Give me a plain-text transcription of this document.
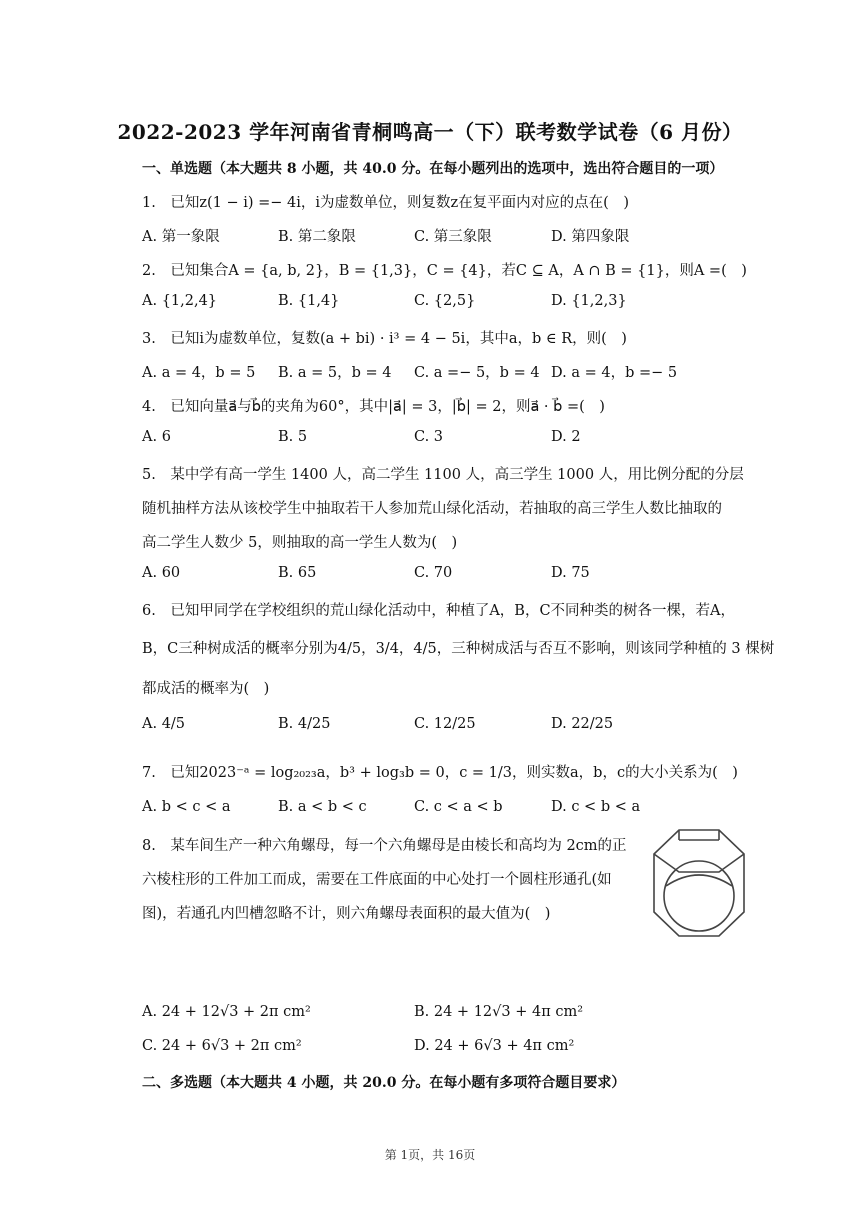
2022-2023 学年河南省青桐鸣高一（下）联考数学试卷（6 月份）
一、单选题（本大题共 8 小题，共 40.0 分。在每小题列出的选项中，选出符合题目的一项）
1.　已知z(1 − i) =− 4i，i为虚数单位，则复数z在复平面内对应的点在(　)
A. 第一象限	B. 第二象限	C. 第三象限	D. 第四象限
2.　已知集合A = {a, b, 2}，B = {1,3}，C = {4}，若C ⊆ A，A ∩ B = {1}，则A =(　)
A. {1,2,4}	B. {1,4}	C. {2,5}	D. {1,2,3}
3.　已知i为虚数单位，复数(a + bi) · i³ = 4 − 5i，其中a，b ∈ R，则(　)
A. a = 4，b = 5 B. a = 5，b = 4 C. a =− 5，b = 4 D. a = 4，b =− 5
4.　已知向量a⃗与b⃗的夹角为60°，其中|a⃗| = 3，|b⃗| = 2，则a⃗ · b⃗ =(　)
A. 6	B. 5	C. 3	D. 2
5.　某中学有高一学生 1400 人，高二学生 1100 人，高三学生 1000 人，用比例分配的分层
随机抽样方法从该校学生中抽取若干人参加荒山绿化活动，若抽取的高三学生人数比抽取的
高二学生人数少 5，则抽取的高一学生人数为(　)
A. 60	B. 65	C. 70	D. 75
6.　已知甲同学在学校组织的荒山绿化活动中，种植了A，B，C不同种类的树各一棵，若A，
B，C三种树成活的概率分别为4/5，3/4，4/5，三种树成活与否互不影响，则该同学种植的 3 棵树
都成活的概率为(　)
A. 4/5	B. 4/25	C. 12/25	D. 22/25
7.　已知2023⁻ᵃ = log₂₀₂₃a，b³ + log₃b = 0，c = 1/3，则实数a，b，c的大小关系为(　)
A. b < c < a	B. a < b < c	C. c < a < b	D. c < b < a
8.　某车间生产一种六角螺母，每一个六角螺母是由棱长和高均为 2cm的正
六棱柱形的工件加工而成，需要在工件底面的中心处打一个圆柱形通孔(如
图)，若通孔内凹槽忽略不计，则六角螺母表面积的最大值为(　)
A. 24 + 12√3 + 2π cm²	B. 24 + 12√3 + 4π cm²
C. 24 + 6√3 + 2π cm²	D. 24 + 6√3 + 4π cm²
二、多选题（本大题共 4 小题，共 20.0 分。在每小题有多项符合题目要求）
第 1页，共 16页
